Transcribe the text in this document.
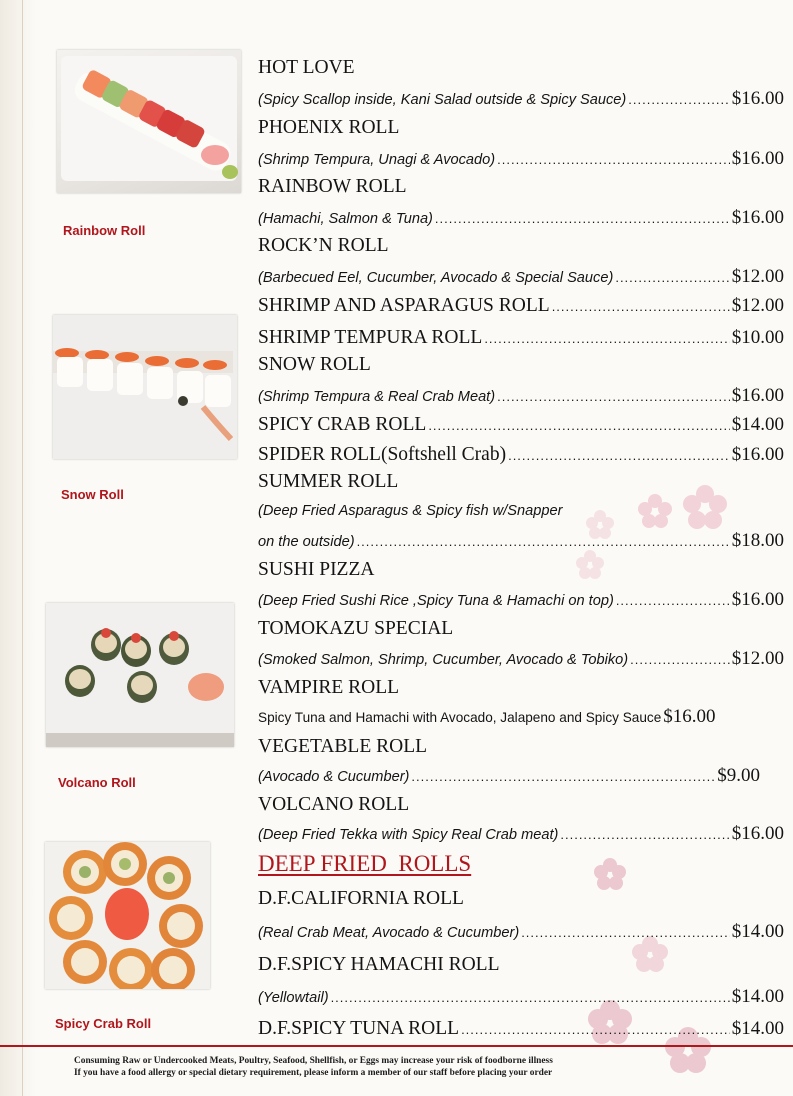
Rainbow Roll
Snow Roll
Volcano Roll
Spicy Crab Roll
HOT LOVE
(Spicy Scallop inside, Kani Salad outside & Spicy Sauce) .....	$16.00
PHOENIX ROLL
(Shrimp Tempura, Unagi & Avocado) .....	$16.00
RAINBOW ROLL
(Hamachi, Salmon & Tuna) .....	$16.00
ROCK’N ROLL
(Barbecued Eel, Cucumber, Avocado & Special Sauce) .....	$12.00
SHRIMP AND ASPARAGUS ROLL .....	$12.00
SHRIMP TEMPURA ROLL .....	$10.00
SNOW ROLL
(Shrimp Tempura & Real Crab Meat) .....	$16.00
SPICY CRAB ROLL .....	$14.00
SPIDER ROLL(Softshell Crab) .....	$16.00
SUMMER ROLL
(Deep Fried Asparagus & Spicy fish w/Snapper
on the outside) .....	$18.00
SUSHI PIZZA
(Deep Fried Sushi Rice ,Spicy Tuna & Hamachi on top) .....	$16.00
TOMOKAZU SPECIAL
(Smoked Salmon, Shrimp, Cucumber, Avocado & Tobiko) .....	$12.00
VAMPIRE ROLL
Spicy Tuna and Hamachi with Avocado, Jalapeno and Spicy Sauce $16.00
VEGETABLE ROLL
(Avocado & Cucumber) .....	$9.00
VOLCANO ROLL
(Deep Fried Tekka with Spicy Real Crab meat) .....	$16.00
DEEP FRIED  ROLLS
D.F.CALIFORNIA ROLL
(Real Crab Meat, Avocado & Cucumber) .....	$14.00
D.F.SPICY HAMACHI ROLL
(Yellowtail) .....	$14.00
D.F.SPICY TUNA ROLL .....	$14.00
Consuming Raw or Undercooked Meats, Poultry, Seafood, Shellfish, or Eggs may increase your risk of foodborne illness
If you have a food allergy or special dietary requirement, please inform a member of our staff before placing your order
